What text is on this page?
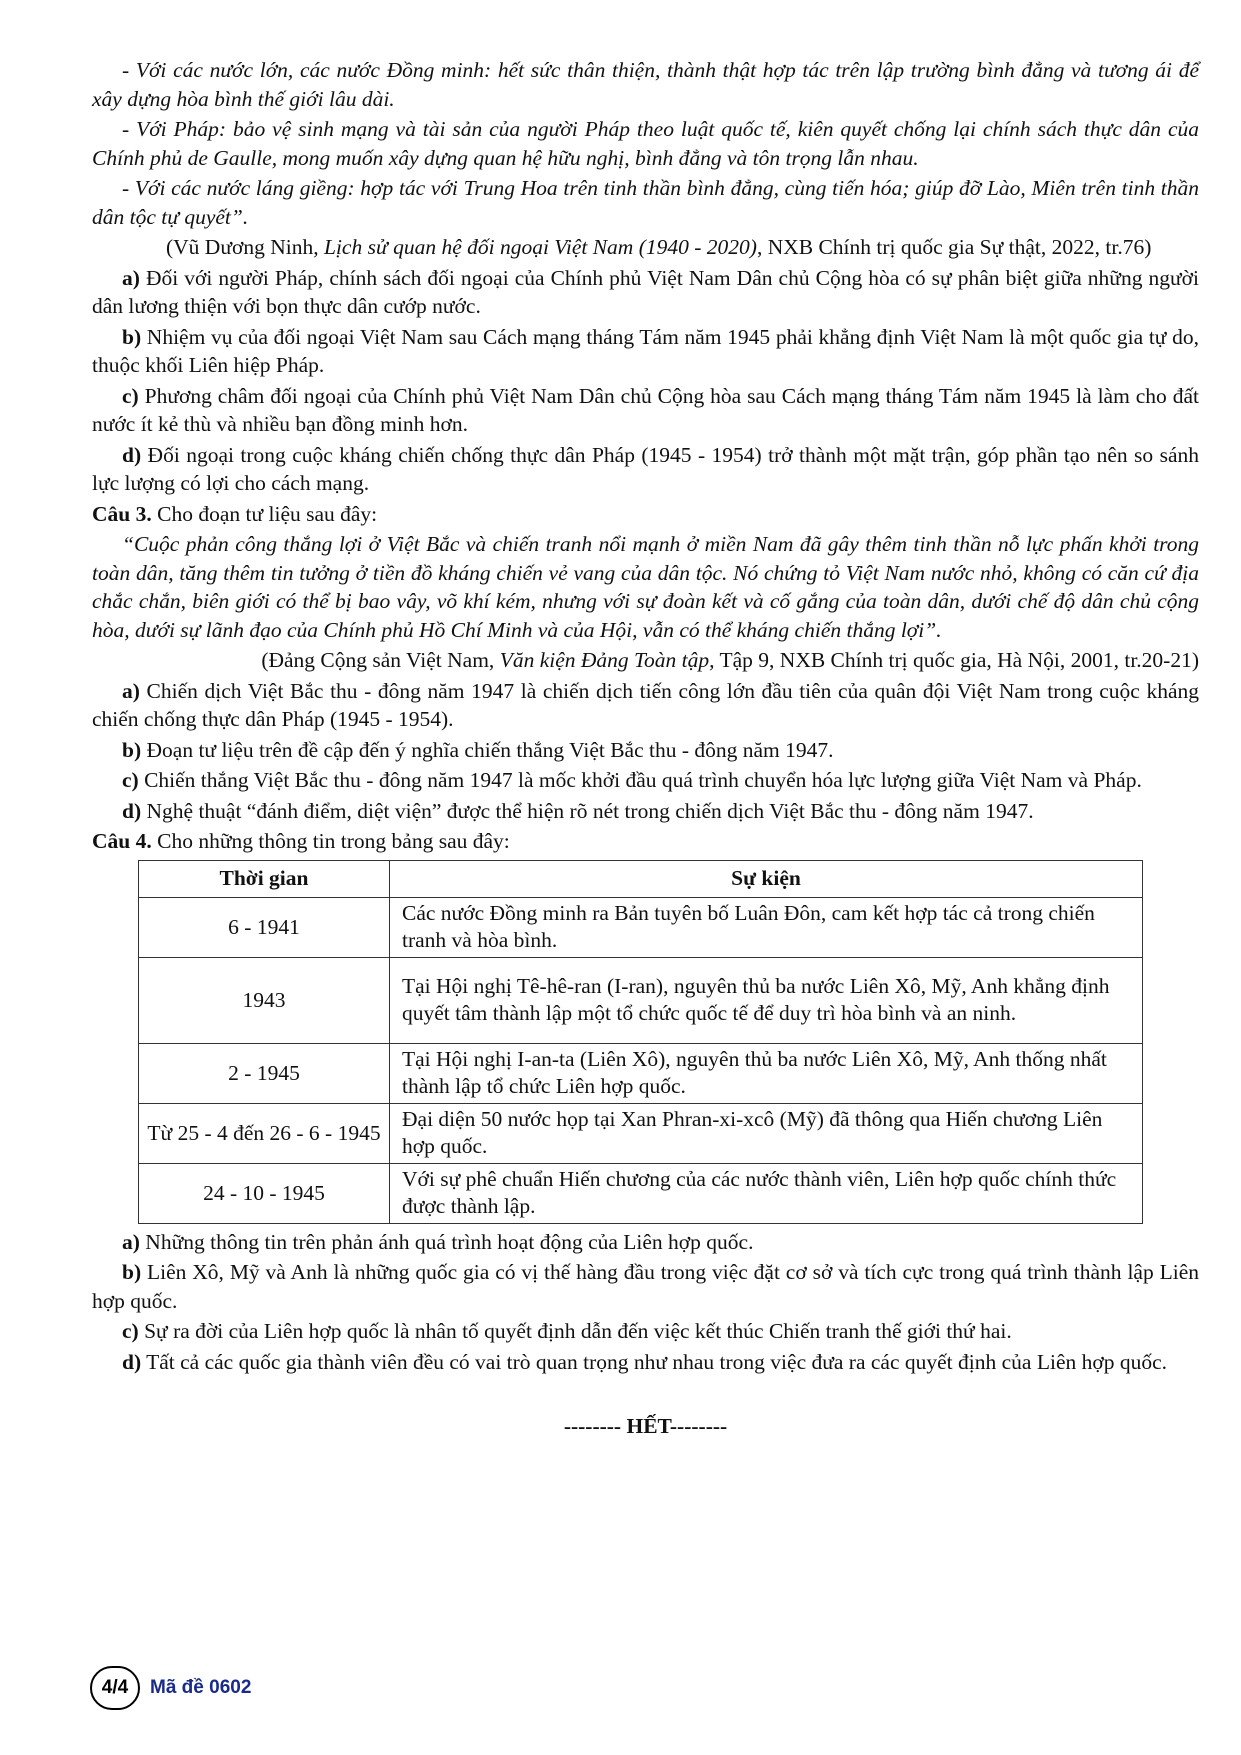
- Với các nước lớn, các nước Đồng minh: hết sức thân thiện, thành thật hợp tác trên lập trường bình đẳng và tương ái để xây dựng hòa bình thế giới lâu dài.

- Với Pháp: bảo vệ sinh mạng và tài sản của người Pháp theo luật quốc tế, kiên quyết chống lại chính sách thực dân của Chính phủ de Gaulle, mong muốn xây dựng quan hệ hữu nghị, bình đẳng và tôn trọng lẫn nhau.

- Với các nước láng giềng: hợp tác với Trung Hoa trên tinh thần bình đẳng, cùng tiến hóa; giúp đỡ Lào, Miên trên tinh thần dân tộc tự quyết”.

(Vũ Dương Ninh, Lịch sử quan hệ đối ngoại Việt Nam (1940 - 2020), NXB Chính trị quốc gia Sự thật, 2022, tr.76)

a) Đối với người Pháp, chính sách đối ngoại của Chính phủ Việt Nam Dân chủ Cộng hòa có sự phân biệt giữa những người dân lương thiện với bọn thực dân cướp nước.

b) Nhiệm vụ của đối ngoại Việt Nam sau Cách mạng tháng Tám năm 1945 phải khẳng định Việt Nam là một quốc gia tự do, thuộc khối Liên hiệp Pháp.

c) Phương châm đối ngoại của Chính phủ Việt Nam Dân chủ Cộng hòa sau Cách mạng tháng Tám năm 1945 là làm cho đất nước ít kẻ thù và nhiều bạn đồng minh hơn.

d) Đối ngoại trong cuộc kháng chiến chống thực dân Pháp (1945 - 1954) trở thành một mặt trận, góp phần tạo nên so sánh lực lượng có lợi cho cách mạng.

Câu 3. Cho đoạn tư liệu sau đây:

“Cuộc phản công thắng lợi ở Việt Bắc và chiến tranh nổi mạnh ở miền Nam đã gây thêm tinh thần nỗ lực phấn khởi trong toàn dân, tăng thêm tin tưởng ở tiền đồ kháng chiến vẻ vang của dân tộc. Nó chứng tỏ Việt Nam nước nhỏ, không có căn cứ địa chắc chắn, biên giới có thể bị bao vây, võ khí kém, nhưng với sự đoàn kết và cố gắng của toàn dân, dưới chế độ dân chủ cộng hòa, dưới sự lãnh đạo của Chính phủ Hồ Chí Minh và của Hội, vẫn có thể kháng chiến thắng lợi”.

(Đảng Cộng sản Việt Nam, Văn kiện Đảng Toàn tập, Tập 9, NXB Chính trị quốc gia, Hà Nội, 2001, tr.20-21)

a) Chiến dịch Việt Bắc thu - đông năm 1947 là chiến dịch tiến công lớn đầu tiên của quân đội Việt Nam trong cuộc kháng chiến chống thực dân Pháp (1945 - 1954).

b) Đoạn tư liệu trên đề cập đến ý nghĩa chiến thắng Việt Bắc thu - đông năm 1947.

c) Chiến thắng Việt Bắc thu - đông năm 1947 là mốc khởi đầu quá trình chuyển hóa lực lượng giữa Việt Nam và Pháp.

d) Nghệ thuật “đánh điểm, diệt viện” được thể hiện rõ nét trong chiến dịch Việt Bắc thu - đông năm 1947.

Câu 4. Cho những thông tin trong bảng sau đây:

Thời gian	Sự kiện
6 - 1941	Các nước Đồng minh ra Bản tuyên bố Luân Đôn, cam kết hợp tác cả trong chiến tranh và hòa bình.
1943	Tại Hội nghị Tê-hê-ran (I-ran), nguyên thủ ba nước Liên Xô, Mỹ, Anh khẳng định quyết tâm thành lập một tổ chức quốc tế để duy trì hòa bình và an ninh.
2 - 1945	Tại Hội nghị I-an-ta (Liên Xô), nguyên thủ ba nước Liên Xô, Mỹ, Anh thống nhất thành lập tổ chức Liên hợp quốc.
Từ 25 - 4 đến 26 - 6 - 1945	Đại diện 50 nước họp tại Xan Phran-xi-xcô (Mỹ) đã thông qua Hiến chương Liên hợp quốc.
24 - 10 - 1945	Với sự phê chuẩn Hiến chương của các nước thành viên, Liên hợp quốc chính thức được thành lập.

a) Những thông tin trên phản ánh quá trình hoạt động của Liên hợp quốc.

b) Liên Xô, Mỹ và Anh là những quốc gia có vị thế hàng đầu trong việc đặt cơ sở và tích cực trong quá trình thành lập Liên hợp quốc.

c) Sự ra đời của Liên hợp quốc là nhân tố quyết định dẫn đến việc kết thúc Chiến tranh thế giới thứ hai.

d) Tất cả các quốc gia thành viên đều có vai trò quan trọng như nhau trong việc đưa ra các quyết định của Liên hợp quốc.

-------- HẾT--------

4/4	Mã đề 0602
